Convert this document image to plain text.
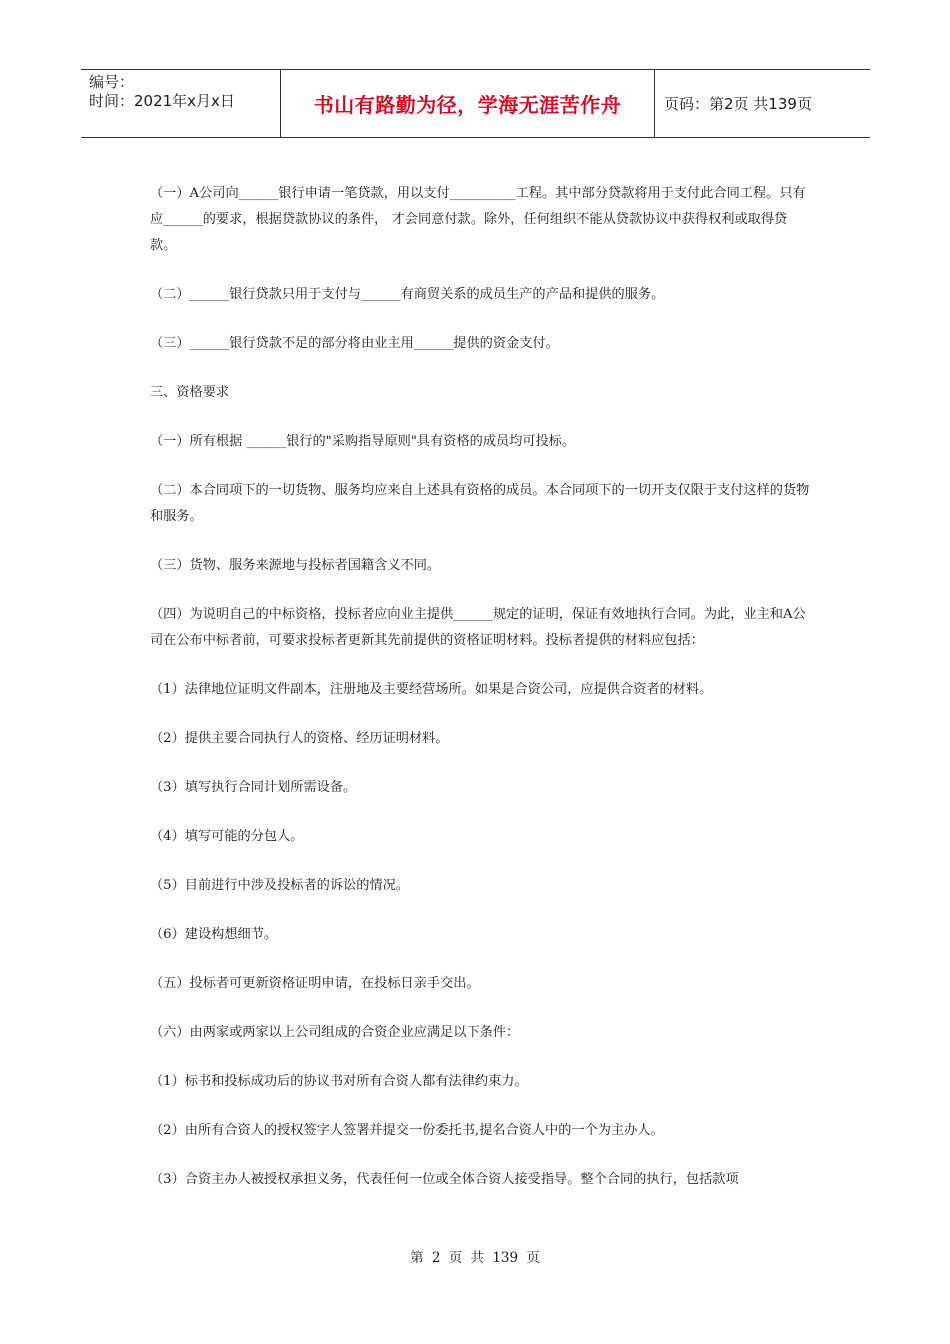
编号：
时间：2021年x月x日	书山有路勤为径，学海无涯苦作舟	页码：第2页 共139页

（一）A公司向______银行申请一笔贷款，用以支付__________工程。其中部分贷款将用于支付此合同工程。只有应______的要求，根据贷款协议的条件， 才会同意付款。除外，任何组织不能从贷款协议中获得权利或取得贷款。

（二）______银行贷款只用于支付与______有商贸关系的成员生产的产品和提供的服务。

（三）______银行贷款不足的部分将由业主用______提供的资金支付。

三、资格要求

（一）所有根据 ______银行的"采购指导原则"具有资格的成员均可投标。

（二）本合同项下的一切货物、服务均应来自上述具有资格的成员。本合同项下的一切开支仅限于支付这样的货物和服务。

（三）货物、服务来源地与投标者国籍含义不同。

（四）为说明自己的中标资格，投标者应向业主提供______规定的证明，保证有效地执行合同。为此，业主和A公司在公布中标者前，可要求投标者更新其先前提供的资格证明材料。投标者提供的材料应包括：

（1）法律地位证明文件副本，注册地及主要经营场所。如果是合资公司，应提供合资者的材料。

（2）提供主要合同执行人的资格、经历证明材料。

（3）填写执行合同计划所需设备。

（4）填写可能的分包人。

（5）目前进行中涉及投标者的诉讼的情况。

（6）建设构想细节。

（五）投标者可更新资格证明申请，在投标日亲手交出。

（六）由两家或两家以上公司组成的合资企业应满足以下条件：

（1）标书和投标成功后的协议书对所有合资人都有法律约束力。

（2）由所有合资人的授权签字人签署并提交一份委托书,提名合资人中的一个为主办人。

（3）合资主办人被授权承担义务，代表任何一位或全体合资人接受指导。整个合同的执行，包括款项

第 2 页 共 139 页
